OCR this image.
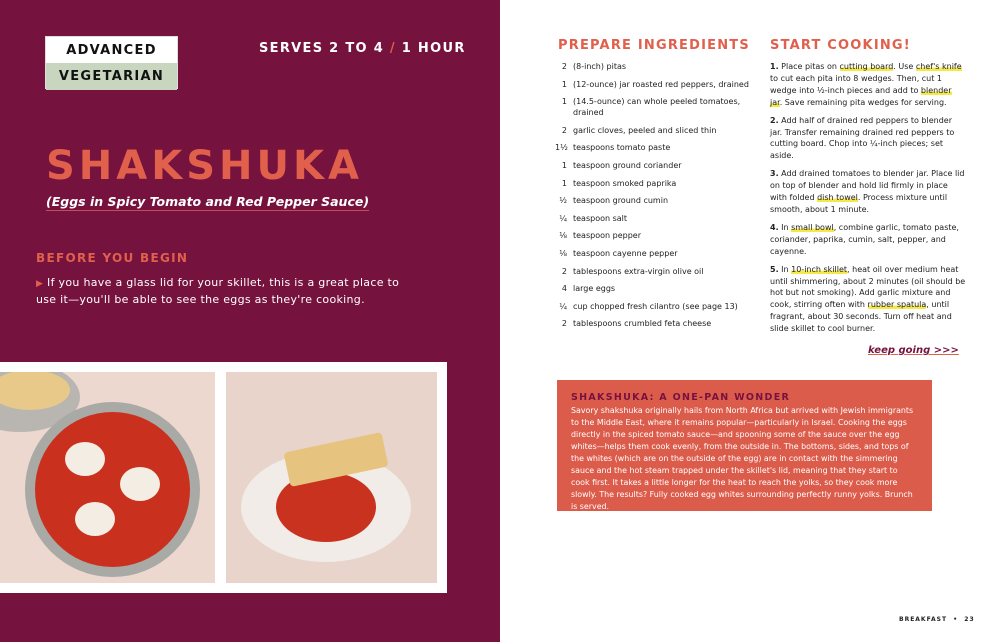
ADVANCED
VEGETARIAN
SERVES 2 TO 4 / 1 HOUR
SHAKSHUKA
(Eggs in Spicy Tomato and Red Pepper Sauce)
BEFORE YOU BEGIN
▶ If you have a glass lid for your skillet, this is a great place to use it—you'll be able to see the eggs as they're cooking.
PREPARE INGREDIENTS
2 (8-inch) pitas
1 (12-ounce) jar roasted red peppers, drained
1 (14.5-ounce) can whole peeled tomatoes, drained
2 garlic cloves, peeled and sliced thin
1½ teaspoons tomato paste
1 teaspoon ground coriander
1 teaspoon smoked paprika
½ teaspoon ground cumin
¼ teaspoon salt
⅛ teaspoon pepper
⅛ teaspoon cayenne pepper
2 tablespoons extra-virgin olive oil
4 large eggs
¼ cup chopped fresh cilantro (see page 13)
2 tablespoons crumbled feta cheese
START COOKING!

1. Place pitas on cutting board. Use chef's knife to cut each pita into 8 wedges. Then, cut 1 wedge into ½-inch pieces and add to blender jar. Save remaining pita wedges for serving.

2. Add half of drained red peppers to blender jar. Transfer remaining drained red peppers to cutting board. Chop into ¼-inch pieces; set aside.

3. Add drained tomatoes to blender jar. Place lid on top of blender and hold lid firmly in place with folded dish towel. Process mixture until smooth, about 1 minute.

4. In small bowl, combine garlic, tomato paste, coriander, paprika, cumin, salt, pepper, and cayenne.

5. In 10-inch skillet, heat oil over medium heat until shimmering, about 2 minutes (oil should be hot but not smoking). Add garlic mixture and cook, stirring often with rubber spatula, until fragrant, about 30 seconds. Turn off heat and slide skillet to cool burner.

keep going >>>
SHAKSHUKA: A ONE-PAN WONDER
Savory shakshuka originally hails from North Africa but arrived with Jewish immigrants to the Middle East, where it remains popular—particularly in Israel. Cooking the eggs directly in the spiced tomato sauce—and spooning some of the sauce over the egg whites—helps them cook evenly, from the outside in. The bottoms, sides, and tops of the whites (which are on the outside of the egg) are in contact with the simmering sauce and the hot steam trapped under the skillet's lid, meaning that they start to cook first. It takes a little longer for the heat to reach the yolks, so they cook more slowly. The results? Fully cooked egg whites surrounding perfectly runny yolks. Brunch is served.
BREAKFAST • 23
